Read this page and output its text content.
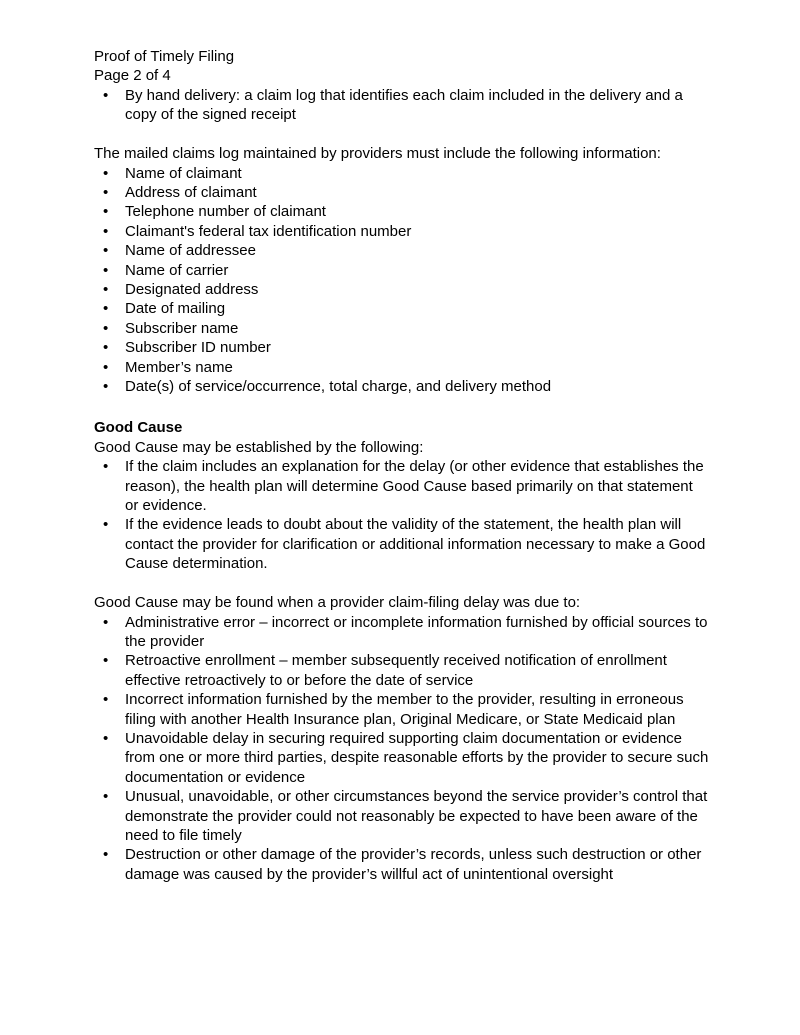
Proof of Timely Filing
Page 2 of 4
• By hand delivery: a claim log that identifies each claim included in the delivery and a copy of the signed receipt

The mailed claims log maintained by providers must include the following information:

• Name of claimant
• Address of claimant
• Telephone number of claimant
• Claimant's federal tax identification number
• Name of addressee
• Name of carrier
• Designated address
• Date of mailing
• Subscriber name
• Subscriber ID number
• Member’s name
• Date(s) of service/occurrence, total charge, and delivery method

Good Cause

Good Cause may be established by the following:

• If the claim includes an explanation for the delay (or other evidence that establishes the reason), the health plan will determine Good Cause based primarily on that statement or evidence.
• If the evidence leads to doubt about the validity of the statement, the health plan will contact the provider for clarification or additional information necessary to make a Good Cause determination.

Good Cause may be found when a provider claim-filing delay was due to:

• Administrative error – incorrect or incomplete information furnished by official sources to the provider
• Retroactive enrollment – member subsequently received notification of enrollment effective retroactively to or before the date of service
• Incorrect information furnished by the member to the provider, resulting in erroneous filing with another Health Insurance plan, Original Medicare, or State Medicaid plan
• Unavoidable delay in securing required supporting claim documentation or evidence from one or more third parties, despite reasonable efforts by the provider to secure such documentation or evidence
• Unusual, unavoidable, or other circumstances beyond the service provider’s control that demonstrate the provider could not reasonably be expected to have been aware of the need to file timely
• Destruction or other damage of the provider’s records, unless such destruction or other damage was caused by the provider’s willful act of unintentional oversight
